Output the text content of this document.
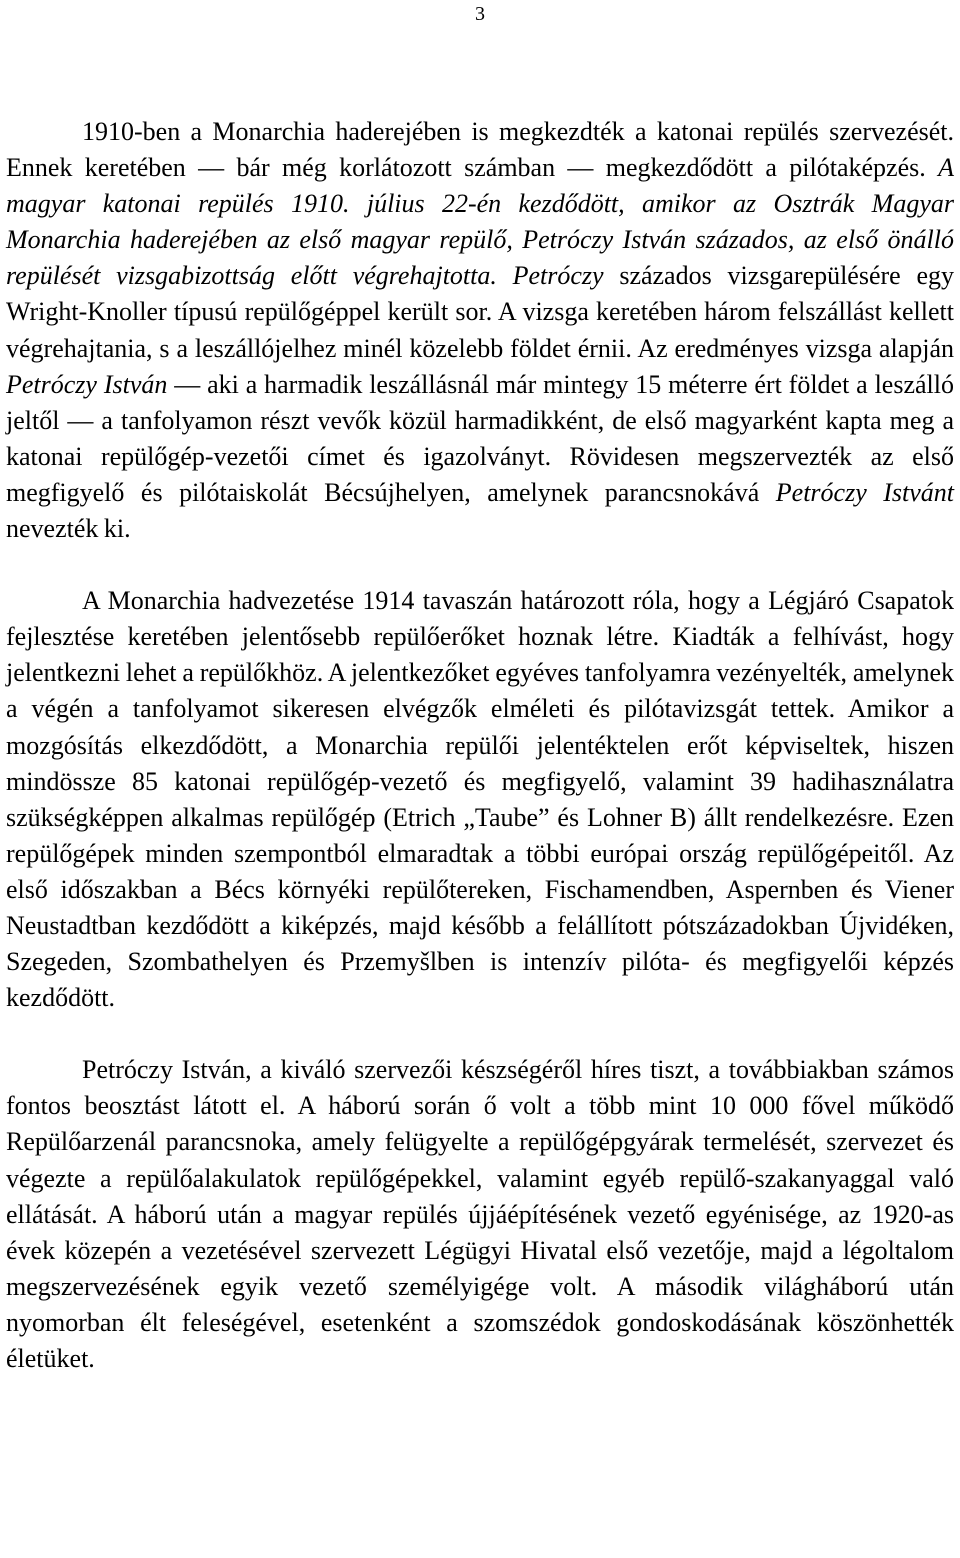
3

1910-ben a Monarchia haderejében is megkezdték a katonai repülés szervezését. Ennek keretében — bár még korlátozott számban — megkezdődött a pilótaképzés. A magyar katonai repülés 1910. július 22-én kezdődött, amikor az Osztrák Magyar Monarchia haderejében az első magyar repülő, Petróczy István százados, az első önálló repülését vizsgabizottság előtt végrehajtotta. Petróczy százados vizsgarepülésére egy Wright-Knoller típusú repülőgéppel került sor. A vizsga keretében három felszállást kellett végrehajtania, s a leszállójelhez minél közelebb földet érnii. Az eredményes vizsga alapján Petróczy István — aki a harmadik leszállásnál már mintegy 15 méterre ért földet a leszálló jeltől — a tanfolyamon részt vevők közül harmadikként, de első magyarként kapta meg a katonai repülőgép-vezetői címet és igazolványt. Rövidesen megszervezték az első megfigyelő és pilótaiskolát Bécsújhelyen, amelynek parancsnokává Petróczy Istvánt nevezték ki.

A Monarchia hadvezetése 1914 tavaszán határozott róla, hogy a Légjáró Csapatok fejlesztése keretében jelentősebb repülőerőket hoznak létre. Kiadták a felhívást, hogy jelentkezni lehet a repülőkhöz. A jelentkezőket egyéves tanfolyamra vezényelték, amelynek a végén a tanfolyamot sikeresen elvégzők elméleti és pilótavizsgát tettek. Amikor a mozgósítás elkezdődött, a Monarchia repülői jelentéktelen erőt képviseltek, hiszen mindössze 85 katonai repülőgép-vezető és megfigyelő, valamint 39 hadihasználatra szükségképpen alkalmas repülőgép (Etrich „Taube” és Lohner B) állt rendelkezésre. Ezen repülőgépek minden szempontból elmaradtak a többi európai ország repülőgépeitől. Az első időszakban a Bécs környéki repülőtereken, Fischamendben, Aspernben és Viener Neustadtban kezdődött a kiképzés, majd később a felállított pótszázadokban Újvidéken, Szegeden, Szombathelyen és Przemyšlben is intenzív pilóta- és megfigyelői képzés kezdődött.

Petróczy István, a kiváló szervezői készségéről híres tiszt, a továbbiakban számos fontos beosztást látott el. A háború során ő volt a több mint 10 000 fővel működő Repülőarzenál parancsnoka, amely felügyelte a repülőgépgyárak termelését, szervezet és végezte a repülőalakulatok repülőgépekkel, valamint egyéb repülő-szakanyaggal való ellátását. A háború után a magyar repülés újjáépítésének vezető egyénisége, az 1920-as évek közepén a vezetésével szervezett Légügyi Hivatal első vezetője, majd a légoltalom megszervezésének egyik vezető személyigége volt. A második világháború után nyomorban élt feleségével, esetenként a szomszédok gondoskodásának köszönhették életüket.
